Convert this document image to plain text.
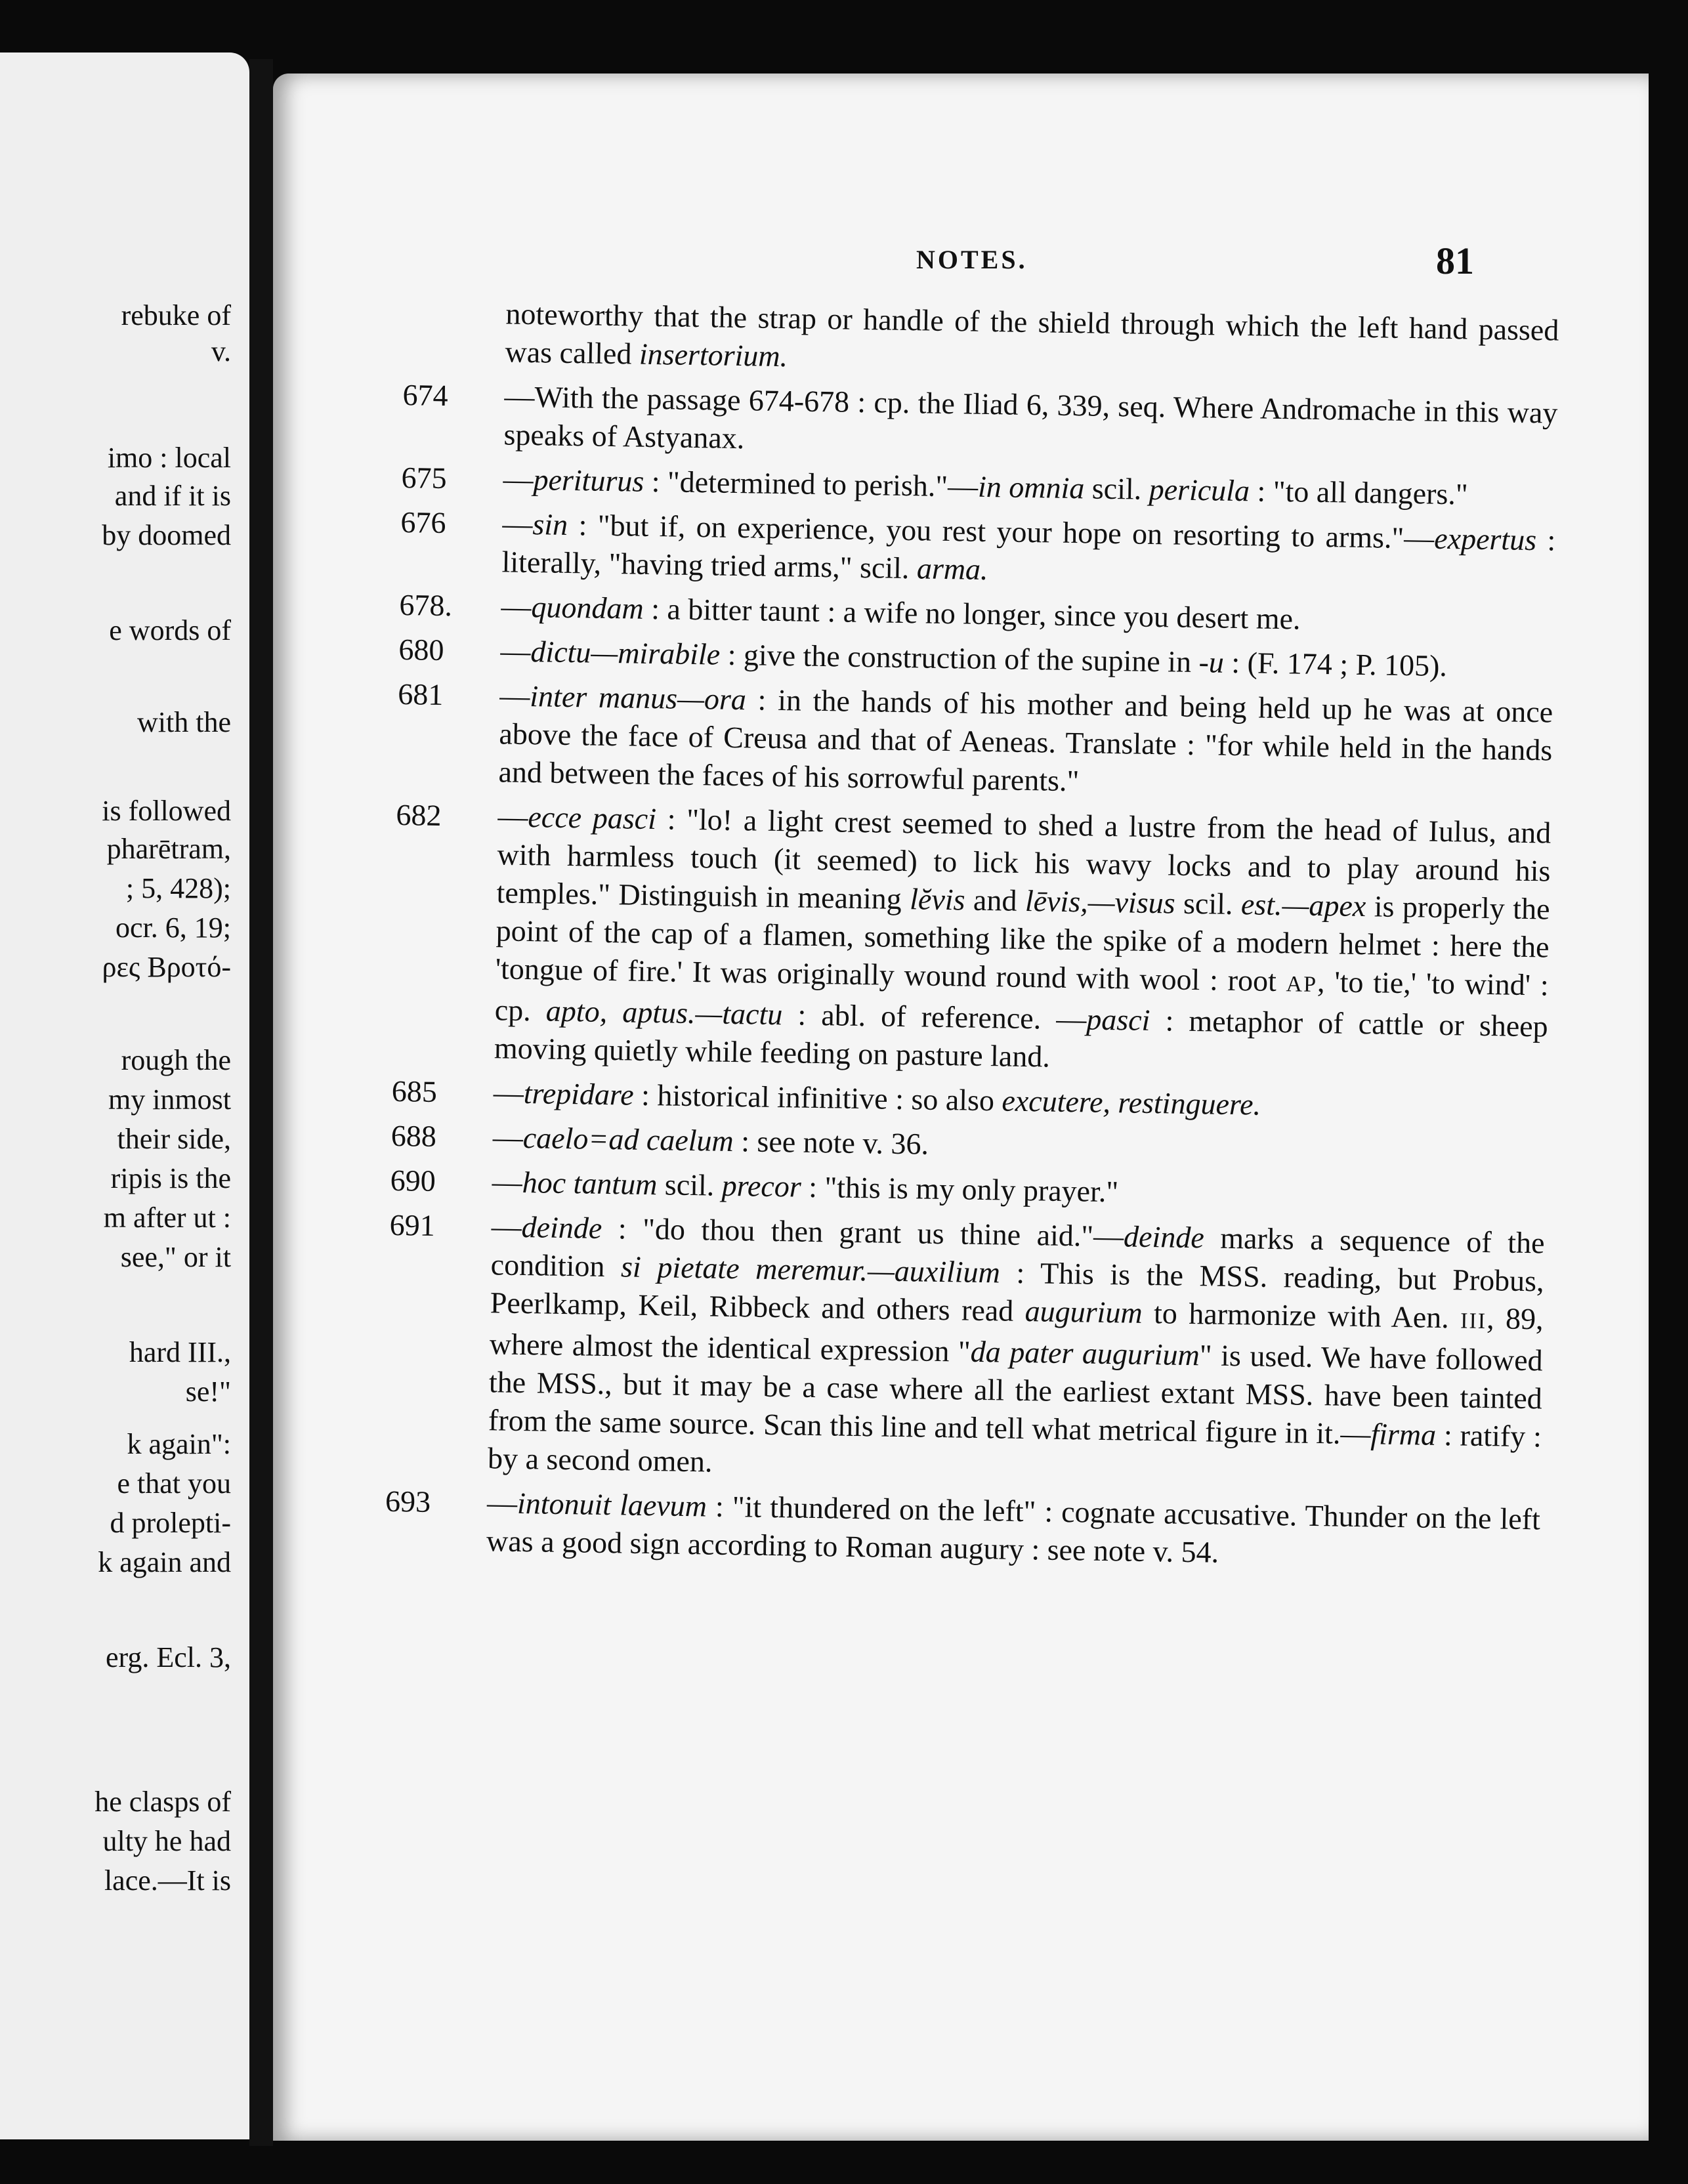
rebuke of
v.
imo : local
and if it is
by doomed
e words of
with the
is followed
pharētram,
; 5, 428);
ocr. 6, 19;
ρες Βροτό-
rough the
my inmost
their side,
ripis is the
m after ut :
see," or it
hard III.,
se!"
k again":
e that you
d prolepti-
k again and
erg. Ecl. 3,
he clasps of
ulty he had
lace.—It is
NOTES.	81
noteworthy that the strap or handle of the shield through which the left hand passed was called insertorium.
674 —With the passage 674-678 : cp. the Iliad 6, 339, seq. Where Andromache in this way speaks of Astyanax.
675 —periturus : "determined to perish."—in omnia scil. pericula : "to all dangers."
676 —sin : "but if, on experience, you rest your hope on resorting to arms."—expertus : literally, "having tried arms," scil. arma.
678. —quondam : a bitter taunt : a wife no longer, since you desert me.
680 —dictu—mirabile : give the construction of the supine in -u : (F. 174 ; P. 105).
681 —inter manus—ora : in the hands of his mother and being held up he was at once above the face of Creusa and that of Aeneas. Translate : "for while held in the hands and between the faces of his sorrowful parents."
682 —ecce pasci : "lo! a light crest seemed to shed a lustre from the head of Iulus, and with harmless touch (it seemed) to lick his wavy locks and to play around his temples." Distinguish in meaning lĕvis and lēvis,—visus scil. est.—apex is properly the point of the cap of a flamen, something like the spike of a modern helmet : here the 'tongue of fire.' It was originally wound round with wool : root AP, 'to tie,' 'to wind' : cp. apto, aptus.—tactu : abl. of reference. —pasci : metaphor of cattle or sheep moving quietly while feeding on pasture land.
685 —trepidare : historical infinitive : so also excutere, restinguere.
688 —caelo=ad caelum : see note v. 36.
690 —hoc tantum scil. precor : "this is my only prayer."
691 —deinde : "do thou then grant us thine aid."—deinde marks a sequence of the condition si pietate meremur.—auxilium : This is the MSS. reading, but Probus, Peerlkamp, Keil, Ribbeck and others read augurium to harmonize with Aen. III, 89, where almost the identical expression "da pater augurium" is used. We have followed the MSS., but it may be a case where all the earliest extant MSS. have been tainted from the same source. Scan this line and tell what metrical figure in it.—firma : ratify : by a second omen.
693 —intonuit laevum : "it thundered on the left" : cognate accusative. Thunder on the left was a good sign according to Roman augury : see note v. 54.
